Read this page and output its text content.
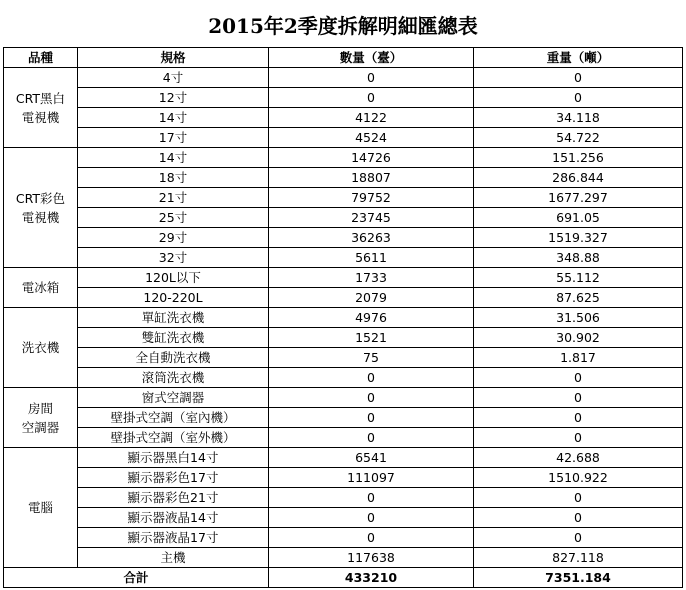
2015年2季度拆解明細匯總表
品種	規格	數量（臺）	重量（噸）

CRT黑白
電視機	4寸	0	0
	12寸	0	0
	14寸	4122	34.118
	17寸	4524	54.722

CRT彩色
電視機	14寸	14726	151.256
	18寸	18807	286.844
	21寸	79752	1677.297
	25寸	23745	691.05
	29寸	36263	1519.327
	32寸	5611	348.88

電冰箱	120L以下	1733	55.112
	120-220L	2079	87.625

洗衣機	單缸洗衣機	4976	31.506
	雙缸洗衣機	1521	30.902
	全自動洗衣機	75	1.817
	滾筒洗衣機	0	0

房間
空調器	窗式空調器	0	0
	壁掛式空調（室內機）	0	0
	壁掛式空調（室外機）	0	0

電腦	顯示器黑白14寸	6541	42.688
	顯示器彩色17寸	111097	1510.922
	顯示器彩色21寸	0	0
	顯示器液晶14寸	0	0
	顯示器液晶17寸	0	0
	主機	117638	827.118
合計		433210	7351.184
